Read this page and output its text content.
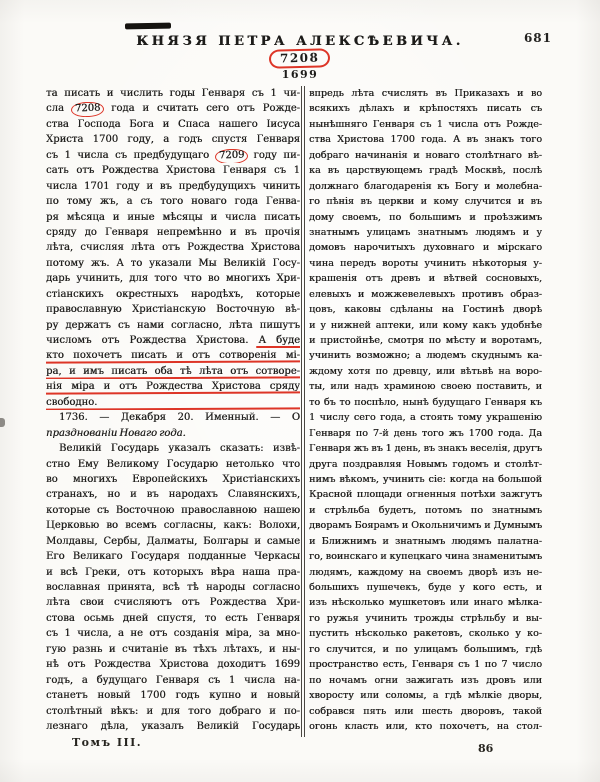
КНЯЗЯ ПЕТРА АЛЕКСѢЕВИЧА.	681
7208
1699
та писать и числить годы Генваря съ 1 чи-
сла 7208 года и считать сего отъ Рожде-
ства Господа Бога и Спаса нашего Іисуса
Христа 1700 году, а годъ спустя Генваря
съ 1 числа съ предбудущаго 7209 году пи-
сать отъ Рождества Христова Генваря съ 1
числа 1701 году и въ предбудущихъ чинить
по тому жъ, а съ того новаго года Генва-
ря мѣсяца и иные мѣсяцы и числа писать
сряду до Генваря непремѣнно и въ прочія
лѣта, счисляя лѣта отъ Рождества Христова
потому жъ. А то указали Мы Великій Госу-
дарь учинить, для того что во многихъ Хри-
стіанскихъ окрестныхъ народѣхъ, которые
православную Христіанскую Восточную вѣ-
ру держатъ съ нами согласно, лѣта пишутъ
числомъ отъ Рождества Христова. А буде
кто похочетъ писать и отъ сотворенія мі-
ра, и имъ писать оба тѣ лѣта отъ сотворе-
нія міра и отъ Рождества Христова сряду
свободно.
1736. — Декабря 20. Именный. — О
празднованіи Новаго года.
Великій Государь указалъ сказать: извѣ-
стно Ему Великому Государю нетолько что
во многихъ Европейскихъ Христіанскихъ
странахъ, но и въ народахъ Славянскихъ,
которые съ Восточною православною нашею
Церковью во всемъ согласны, какъ: Волохи,
Молдавы, Сербы, Далматы, Болгары и самые
Его Великаго Государя подданные Черкасы
и всѣ Греки, отъ которыхъ вѣра наша пра-
вославная принята, всѣ тѣ народы согласно
лѣта свои счисляютъ отъ Рождества Хри-
стова осьмь дней спустя, то есть Генваря
съ 1 числа, а не отъ созданія міра, за мно-
гую разнь и считаніе въ тѣхъ лѣтахъ, и ны-
нѣ отъ Рождества Христова доходитъ 1699
годъ, а будущаго Генваря съ 1 числа на-
станетъ новый 1700 годъ купно и новый
столѣтный вѣкъ: и для того добраго и по-
лезнаго дѣла, указалъ Великій Государь
впредь лѣта счислять въ Приказахъ и во
всякихъ дѣлахъ и крѣпостяхъ писать съ
нынѣшняго Генваря съ 1 числа отъ Рожде-
ства Христова 1700 года. А въ знакъ того
добраго начинанія и новаго столѣтнаго вѣ-
ка въ царствующемъ градѣ Москвѣ, послѣ
должнаго благодаренія къ Богу и молебна-
го пѣнія въ церкви и кому случится и въ
дому своемъ, по большимъ и проѣзжимъ
знатнымъ улицамъ знатнымъ людямъ и у
домовъ нарочитыхъ духовнаго и мірскаго
чина передъ вороты учинить нѣкоторыя у-
крашенія отъ древъ и вѣтвей сосновыхъ,
елевыхъ и можжевелевыхъ противъ образ-
цовъ, каковы сдѣланы на Гостинѣ дворѣ
и у нижней аптеки, или кому какъ удобнѣе
и пристойнѣе, смотря по мѣсту и воротамъ,
учинить возможно; а людемъ скуднымъ ка-
ждому хотя по древцу, или вѣтьвѣ на воро-
ты, или надъ храминою своею поставить, и
то бъ то поспѣло, нынѣ будущаго Генваря къ
1 числу сего года, а стоять тому украшенію
Генваря по 7-й день того жъ 1700 года. Да
Генваря жъ въ 1 день, въ знакъ веселія, другъ
друга поздравляя Новымъ годомъ и столѣт-
нимъ вѣкомъ, учинить сіе: когда на большой
Красной площади огненныя потѣхи зажгутъ
и стрѣльба будетъ, потомъ по знатнымъ
дворамъ Боярамъ и Окольничимъ и Думнымъ
и Ближнимъ и знатнымъ людямъ палатна-
го, воинскаго и купецкаго чина знаменитымъ
людямъ, каждому на своемъ дворѣ изъ не-
большихъ пушечекъ, буде у кого есть, и
изъ нѣсколько мушкетовъ или инаго мѣлка-
го ружья учинить трожды стрѣльбу и вы-
пустить нѣсколько ракетовъ, сколько у ко-
го случится, и по улицамъ большимъ, гдѣ
пространство есть, Генваря съ 1 по 7 число
по ночамъ огни зажигать изъ дровъ или
хворосту или соломы, а гдѣ мѣлкіе дворы,
собрався пять или шесть дворовъ, такой
огонь класть или, кто похочетъ, на стол-
Томъ III.	86
